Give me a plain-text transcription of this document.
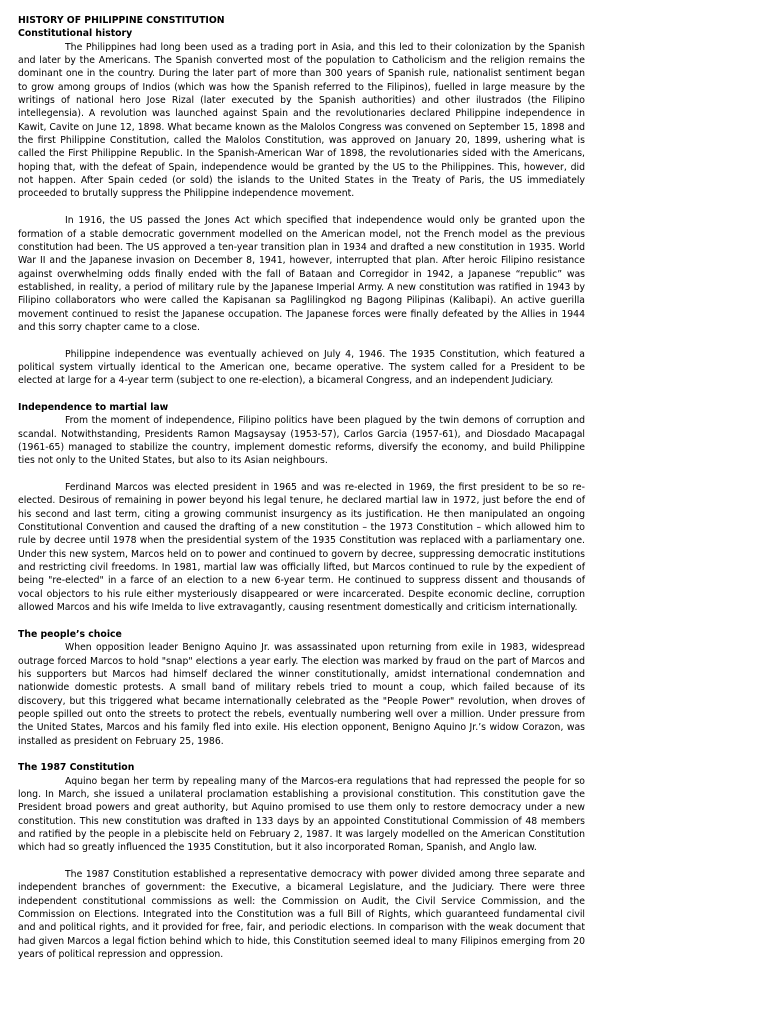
HISTORY OF PHILIPPINE CONSTITUTION

Constitutional history

The Philippines had long been used as a trading port in Asia, and this led to their colonization by the Spanish and later by the Americans. The Spanish converted most of the population to Catholicism and the religion remains the dominant one in the country. During the later part of more than 300 years of Spanish rule, nationalist sentiment began to grow among groups of Indios (which was how the Spanish referred to the Filipinos), fuelled in large measure by the writings of national hero Jose Rizal (later executed by the Spanish authorities) and other ilustrados (the Filipino intellegensia). A revolution was launched against Spain and the revolutionaries declared Philippine independence in Kawit, Cavite on June 12, 1898. What became known as the Malolos Congress was convened on September 15, 1898 and the first Philippine Constitution, called the Malolos Constitution, was approved on January 20, 1899, ushering what is called the First Philippine Republic. In the Spanish-American War of 1898, the revolutionaries sided with the Americans, hoping that, with the defeat of Spain, independence would be granted by the US to the Philippines. This, however, did not happen. After Spain ceded (or sold) the islands to the United States in the Treaty of Paris, the US immediately proceeded to brutally suppress the Philippine independence movement.

In 1916, the US passed the Jones Act which specified that independence would only be granted upon the formation of a stable democratic government modelled on the American model, not the French model as the previous constitution had been. The US approved a ten-year transition plan in 1934 and drafted a new constitution in 1935. World War II and the Japanese invasion on December 8, 1941, however, interrupted that plan. After heroic Filipino resistance against overwhelming odds finally ended with the fall of Bataan and Corregidor in 1942, a Japanese “republic” was established, in reality, a period of military rule by the Japanese Imperial Army. A new constitution was ratified in 1943 by Filipino collaborators who were called the Kapisanan sa Paglilingkod ng Bagong Pilipinas (Kalibapi). An active guerilla movement continued to resist the Japanese occupation. The Japanese forces were finally defeated by the Allies in 1944 and this sorry chapter came to a close.

Philippine independence was eventually achieved on July 4, 1946. The 1935 Constitution, which featured a political system virtually identical to the American one, became operative. The system called for a President to be elected at large for a 4-year term (subject to one re-election), a bicameral Congress, and an independent Judiciary.

Independence to martial law

From the moment of independence, Filipino politics have been plagued by the twin demons of corruption and scandal. Notwithstanding, Presidents Ramon Magsaysay (1953-57), Carlos Garcia (1957-61), and Diosdado Macapagal (1961-65) managed to stabilize the country, implement domestic reforms, diversify the economy, and build Philippine ties not only to the United States, but also to its Asian neighbours.

Ferdinand Marcos was elected president in 1965 and was re-elected in 1969, the first president to be so re-elected. Desirous of remaining in power beyond his legal tenure, he declared martial law in 1972, just before the end of his second and last term, citing a growing communist insurgency as its justification. He then manipulated an ongoing Constitutional Convention and caused the drafting of a new constitution – the 1973 Constitution – which allowed him to rule by decree until 1978 when the presidential system of the 1935 Constitution was replaced with a parliamentary one. Under this new system, Marcos held on to power and continued to govern by decree, suppressing democratic institutions and restricting civil freedoms. In 1981, martial law was officially lifted, but Marcos continued to rule by the expedient of being "re-elected" in a farce of an election to a new 6-year term. He continued to suppress dissent and thousands of vocal objectors to his rule either mysteriously disappeared or were incarcerated. Despite economic decline, corruption allowed Marcos and his wife Imelda to live extravagantly, causing resentment domestically and criticism internationally.

The people’s choice

When opposition leader Benigno Aquino Jr. was assassinated upon returning from exile in 1983, widespread outrage forced Marcos to hold "snap" elections a year early. The election was marked by fraud on the part of Marcos and his supporters but Marcos had himself declared the winner constitutionally, amidst international condemnation and nationwide domestic protests. A small band of military rebels tried to mount a coup, which failed because of its discovery, but this triggered what became internationally celebrated as the "People Power" revolution, when droves of people spilled out onto the streets to protect the rebels, eventually numbering well over a million. Under pressure from the United States, Marcos and his family fled into exile. His election opponent, Benigno Aquino Jr.’s widow Corazon, was installed as president on February 25, 1986.

The 1987 Constitution

Aquino began her term by repealing many of the Marcos-era regulations that had repressed the people for so long. In March, she issued a unilateral proclamation establishing a provisional constitution. This constitution gave the President broad powers and great authority, but Aquino promised to use them only to restore democracy under a new constitution. This new constitution was drafted in 133 days by an appointed Constitutional Commission of 48 members and ratified by the people in a plebiscite held on February 2, 1987. It was largely modelled on the American Constitution which had so greatly influenced the 1935 Constitution, but it also incorporated Roman, Spanish, and Anglo law.

The 1987 Constitution established a representative democracy with power divided among three separate and independent branches of government: the Executive, a bicameral Legislature, and the Judiciary. There were three independent constitutional commissions as well: the Commission on Audit, the Civil Service Commission, and the Commission on Elections. Integrated into the Constitution was a full Bill of Rights, which guaranteed fundamental civil and and political rights, and it provided for free, fair, and periodic elections. In comparison with the weak document that had given Marcos a legal fiction behind which to hide, this Constitution seemed ideal to many Filipinos emerging from 20 years of political repression and oppression.
